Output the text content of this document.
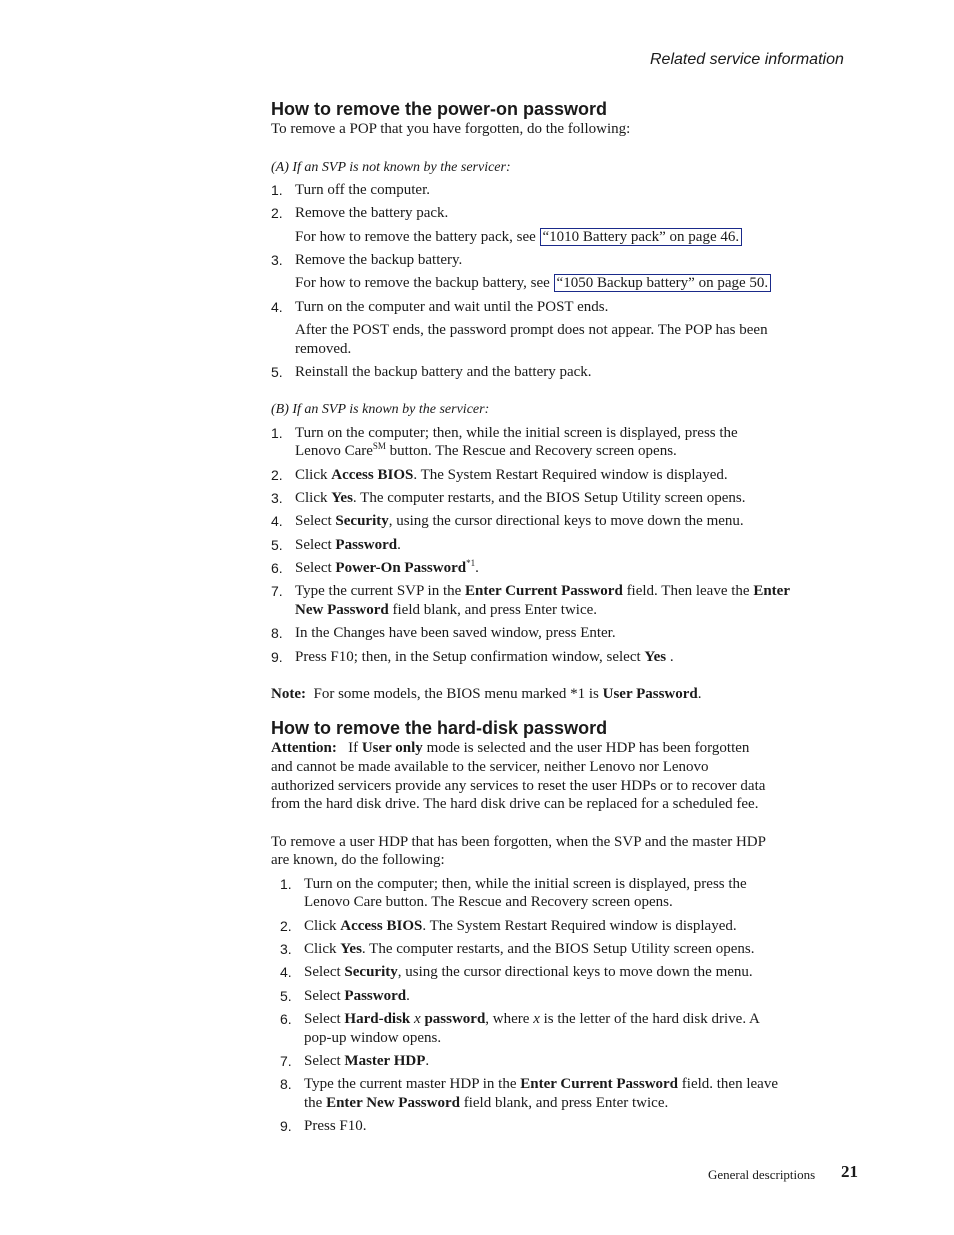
Related service information
How to remove the power-on password
To remove a POP that you have forgotten, do the following:
(A) If an SVP is not known by the servicer:
1. Turn off the computer.
2. Remove the battery pack.
For how to remove the battery pack, see “1010 Battery pack” on page 46.
3. Remove the backup battery.
For how to remove the backup battery, see “1050 Backup battery” on page 50.
4. Turn on the computer and wait until the POST ends.
After the POST ends, the password prompt does not appear. The POP has been
removed.
5. Reinstall the backup battery and the battery pack.
(B) If an SVP is known by the servicer:
1. Turn on the computer; then, while the initial screen is displayed, press the
Lenovo Care℠ button. The Rescue and Recovery screen opens.
2. Click Access BIOS. The System Restart Required window is displayed.
3. Click Yes. The computer restarts, and the BIOS Setup Utility screen opens.
4. Select Security, using the cursor directional keys to move down the menu.
5. Select Password.
6. Select Power-On Password$^{*1}$.
7. Type the current SVP in the Enter Current Password field. Then leave the Enter
New Password field blank, and press Enter twice.
8. In the Changes have been saved window, press Enter.
9. Press F10; then, in the Setup confirmation window, select Yes .
Note:  For some models, the BIOS menu marked *1 is User Password.
How to remove the hard-disk password
Attention:   If User only mode is selected and the user HDP has been forgotten
and cannot be made available to the servicer, neither Lenovo nor Lenovo
authorized servicers provide any services to reset the user HDPs or to recover data
from the hard disk drive. The hard disk drive can be replaced for a scheduled fee.
To remove a user HDP that has been forgotten, when the SVP and the master HDP
are known, do the following:
1. Turn on the computer; then, while the initial screen is displayed, press the
Lenovo Care button. The Rescue and Recovery screen opens.
2. Click Access BIOS. The System Restart Required window is displayed.
3. Click Yes. The computer restarts, and the BIOS Setup Utility screen opens.
4. Select Security, using the cursor directional keys to move down the menu.
5. Select Password.
6. Select Hard-disk x password, where x is the letter of the hard disk drive. A
pop-up window opens.
7. Select Master HDP.
8. Type the current master HDP in the Enter Current Password field. then leave
the Enter New Password field blank, and press Enter twice.
9. Press F10.
General descriptions 21
